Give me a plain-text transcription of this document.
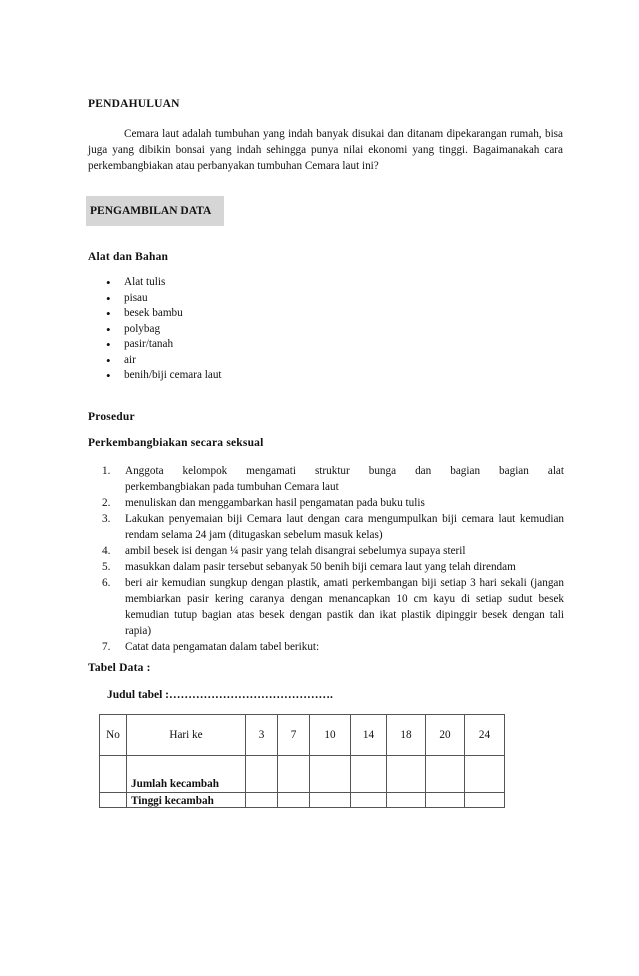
PENDAHULUAN
Cemara laut adalah tumbuhan yang indah banyak disukai dan ditanam dipekarangan rumah, bisa juga yang dibikin bonsai yang indah sehingga punya nilai ekonomi yang tinggi. Bagaimanakah cara perkembangbiakan atau perbanyakan tumbuhan Cemara laut ini?
PENGAMBILAN DATA
Alat dan Bahan
• Alat tulis
• pisau
• besek bambu
• polybag
• pasir/tanah
• air
• benih/biji cemara laut
Prosedur
Perkembangbiakan secara seksual
1.	Anggota kelompok mengamati struktur bunga dan bagian bagian alat
perkembangbiakan pada tumbuhan Cemara laut
2.	menuliskan dan menggambarkan hasil pengamatan pada buku tulis
3.	Lakukan penyemaian biji Cemara laut dengan cara mengumpulkan biji cemara laut kemudian rendam selama 24 jam (ditugaskan sebelum masuk kelas)
4.	ambil besek isi dengan ¼ pasir yang telah disangrai sebelumya supaya steril
5.	masukkan dalam pasir tersebut sebanyak 50 benih biji cemara laut yang telah direndam
6.	beri air kemudian sungkup dengan plastik, amati perkembangan biji setiap 3 hari sekali (jangan membiarkan pasir kering caranya dengan menancapkan 10 cm kayu di setiap sudut besek kemudian tutup bagian atas besek dengan pastik dan ikat plastik dipinggir besek dengan tali rapia)
7.	Catat data pengamatan dalam tabel berikut:
Tabel Data :
Judul tabel :…………………………………….
No	Hari ke	3	7	10	14	18	20	24
	Jumlah kecambah							
	Tinggi kecambah							
